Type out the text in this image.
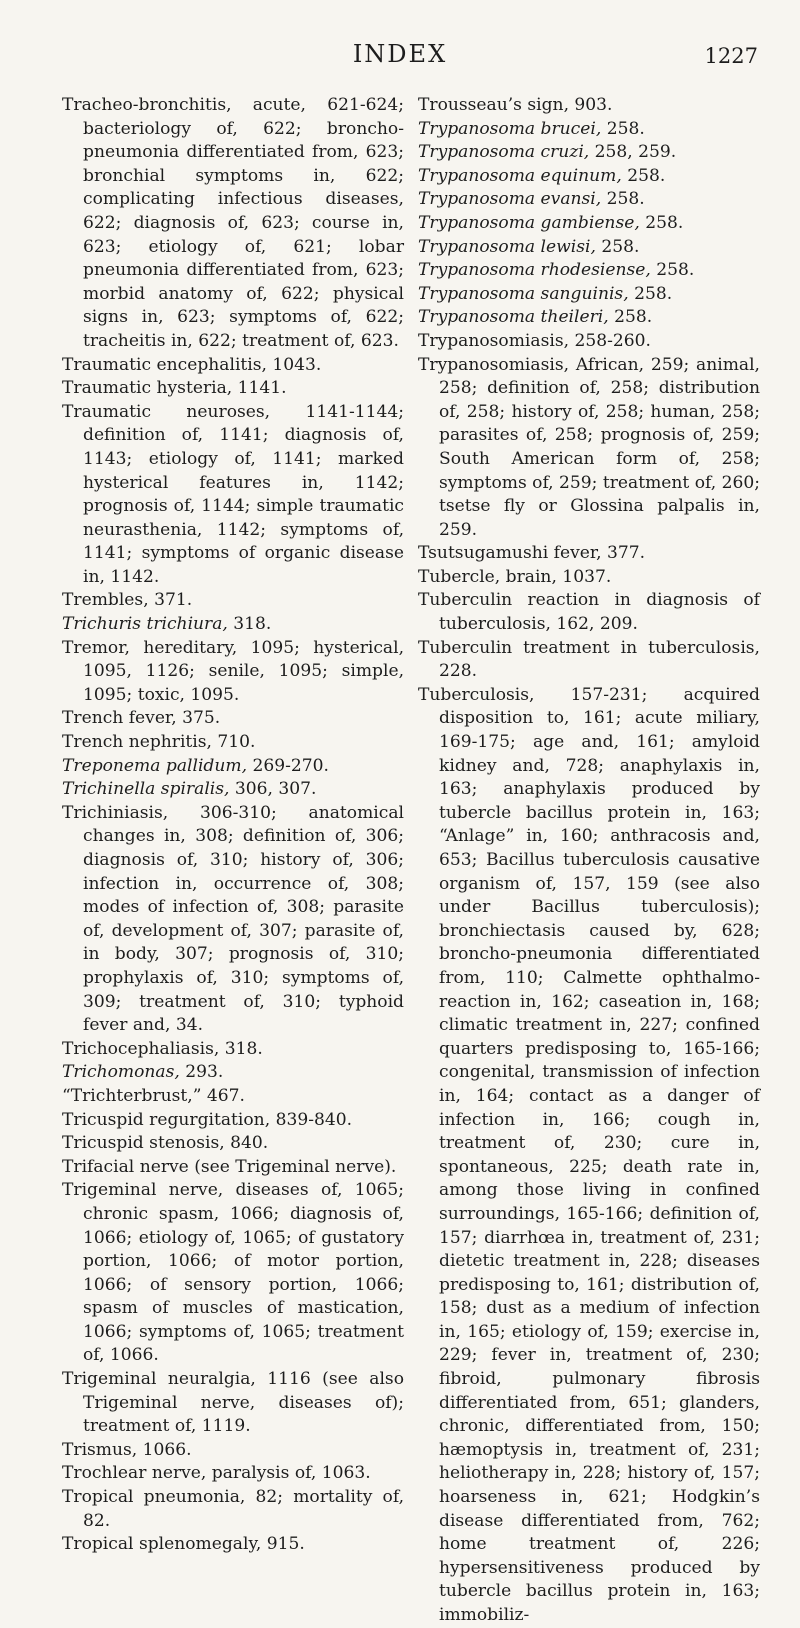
INDEX	1227
Tracheo-bronchitis, acute, 621-624; bacteriology of, 622; broncho-pneumonia differentiated from, 623; bronchial symptoms in, 622; complicating infectious diseases, 622; diagnosis of, 623; course in, 623; etiology of, 621; lobar pneumonia differentiated from, 623; morbid anatomy of, 622; physical signs in, 623; symptoms of, 622; tracheitis in, 622; treatment of, 623.
Traumatic encephalitis, 1043.
Traumatic hysteria, 1141.
Traumatic neuroses, 1141-1144; definition of, 1141; diagnosis of, 1143; etiology of, 1141; marked hysterical features in, 1142; prognosis of, 1144; simple traumatic neurasthenia, 1142; symptoms of, 1141; symptoms of organic disease in, 1142.
Trembles, 371.
Trichuris trichiura, 318.
Tremor, hereditary, 1095; hysterical, 1095, 1126; senile, 1095; simple, 1095; toxic, 1095.
Trench fever, 375.
Trench nephritis, 710.
Treponema pallidum, 269-270.
Trichinella spiralis, 306, 307.
Trichiniasis, 306-310; anatomical changes in, 308; definition of, 306; diagnosis of, 310; history of, 306; infection in, occurrence of, 308; modes of infection of, 308; parasite of, development of, 307; parasite of, in body, 307; prognosis of, 310; prophylaxis of, 310; symptoms of, 309; treatment of, 310; typhoid fever and, 34.
Trichocephaliasis, 318.
Trichomonas, 293.
“Trichterbrust,” 467.
Tricuspid regurgitation, 839-840.
Tricuspid stenosis, 840.
Trifacial nerve (see Trigeminal nerve).
Trigeminal nerve, diseases of, 1065; chronic spasm, 1066; diagnosis of, 1066; etiology of, 1065; of gustatory portion, 1066; of motor portion, 1066; of sensory portion, 1066; spasm of muscles of mastication, 1066; symptoms of, 1065; treatment of, 1066.
Trigeminal neuralgia, 1116 (see also Trigeminal nerve, diseases of); treatment of, 1119.
Trismus, 1066.
Trochlear nerve, paralysis of, 1063.
Tropical pneumonia, 82; mortality of, 82.
Tropical splenomegaly, 915.
Trousseau’s sign, 903.
Trypanosoma brucei, 258.
Trypanosoma cruzi, 258, 259.
Trypanosoma equinum, 258.
Trypanosoma evansi, 258.
Trypanosoma gambiense, 258.
Trypanosoma lewisi, 258.
Trypanosoma rhodesiense, 258.
Trypanosoma sanguinis, 258.
Trypanosoma theileri, 258.
Trypanosomiasis, 258-260.
Trypanosomiasis, African, 259; animal, 258; definition of, 258; distribution of, 258; history of, 258; human, 258; parasites of, 258; prognosis of, 259; South American form of, 258; symptoms of, 259; treatment of, 260; tsetse fly or Glossina palpalis in, 259.
Tsutsugamushi fever, 377.
Tubercle, brain, 1037.
Tuberculin reaction in diagnosis of tuberculosis, 162, 209.
Tuberculin treatment in tuberculosis, 228.
Tuberculosis, 157-231; acquired disposition to, 161; acute miliary, 169-175; age and, 161; amyloid kidney and, 728; anaphylaxis in, 163; anaphylaxis produced by tubercle bacillus protein in, 163; “Anlage” in, 160; anthracosis and, 653; Bacillus tuberculosis causative organism of, 157, 159 (see also under Bacillus tuberculosis); bronchiectasis caused by, 628; broncho-pneumonia differentiated from, 110; Calmette ophthalmo-reaction in, 162; caseation in, 168; climatic treatment in, 227; confined quarters predisposing to, 165-166; congenital, transmission of infection in, 164; contact as a danger of infection in, 166; cough in, treatment of, 230; cure in, spontaneous, 225; death rate in, among those living in confined surroundings, 165-166; definition of, 157; diarrhœa in, treatment of, 231; dietetic treatment in, 228; diseases predisposing to, 161; distribution of, 158; dust as a medium of infection in, 165; etiology of, 159; exercise in, 229; fever in, treatment of, 230; fibroid, pulmonary fibrosis differentiated from, 651; glanders, chronic, differentiated from, 150; hæmoptysis in, treatment of, 231; heliotherapy in, 228; history of, 157; hoarseness in, 621; Hodgkin’s disease differentiated from, 762; home treatment of, 226; hypersensitiveness produced by tubercle bacillus protein in, 163; immobiliz-
